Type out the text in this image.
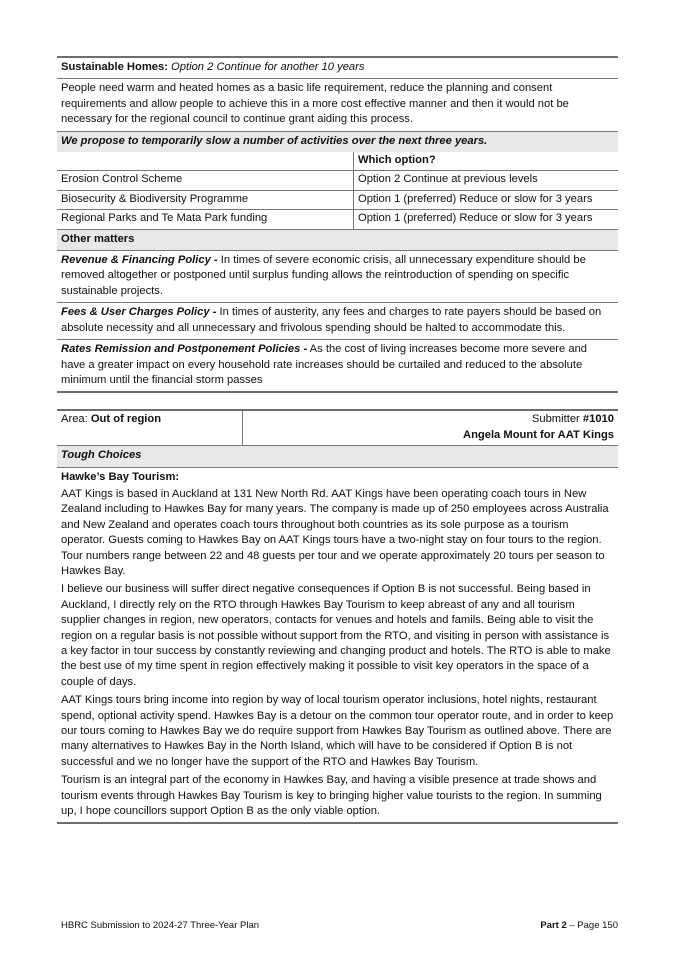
Sustainable Homes: Option 2 Continue for another 10 years
People need warm and heated homes as a basic life requirement, reduce the planning and consent requirements and allow people to achieve this in a more cost effective manner and then it would not be necessary for the regional council to continue grant aiding this process.
We propose to temporarily slow a number of activities over the next three years.
	Which option?
Erosion Control Scheme	Option 2 Continue at previous levels
Biosecurity & Biodiversity Programme	Option 1 (preferred) Reduce or slow for 3 years
Regional Parks and Te Mata Park funding	Option 1 (preferred) Reduce or slow for 3 years
Other matters
Revenue & Financing Policy - In times of severe economic crisis, all unnecessary expenditure should be removed altogether or postponed until surplus funding allows the reintroduction of spending on specific sustainable projects.
Fees & User Charges Policy - In times of austerity, any fees and charges to rate payers should be based on absolute necessity and all unnecessary and frivolous spending should be halted to accommodate this.
Rates Remission and Postponement Policies - As the cost of living increases become more severe and have a greater impact on every household rate increases should be curtailed and reduced to the absolute minimum until the financial storm passes
Area: Out of region	Submitter #1010
Angela Mount for AAT Kings
Tough Choices
Hawke’s Bay Tourism:
AAT Kings is based in Auckland at 131 New North Rd. AAT Kings have been operating coach tours in New Zealand including to Hawkes Bay for many years. The company is made up of 250 employees across Australia and New Zealand and operates coach tours throughout both countries as its sole purpose as a tourism operator. Guests coming to Hawkes Bay on AAT Kings tours have a two-night stay on four tours to the region. Tour numbers range between 22 and 48 guests per tour and we operate approximately 20 tours per season to Hawkes Bay.
I believe our business will suffer direct negative consequences if Option B is not successful. Being based in Auckland, I directly rely on the RTO through Hawkes Bay Tourism to keep abreast of any and all tourism supplier changes in region, new operators, contacts for venues and hotels and famils. Being able to visit the region on a regular basis is not possible without support from the RTO, and visiting in person with assistance is a key factor in tour success by constantly reviewing and changing product and hotels. The RTO is able to make the best use of my time spent in region effectively making it possible to visit key operators in the space of a couple of days.
AAT Kings tours bring income into region by way of local tourism operator inclusions, hotel nights, restaurant spend, optional activity spend. Hawkes Bay is a detour on the common tour operator route, and in order to keep our tours coming to Hawkes Bay we do require support from Hawkes Bay Tourism as outlined above. There are many alternatives to Hawkes Bay in the North Island, which will have to be considered if Option B is not successful and we no longer have the support of the RTO and Hawkes Bay Tourism.
Tourism is an integral part of the economy in Hawkes Bay, and having a visible presence at trade shows and tourism events through Hawkes Bay Tourism is key to bringing higher value tourists to the region. In summing up, I hope councillors support Option B as the only viable option.
HBRC Submission to 2024-27 Three-Year Plan	Part 2 – Page 150
